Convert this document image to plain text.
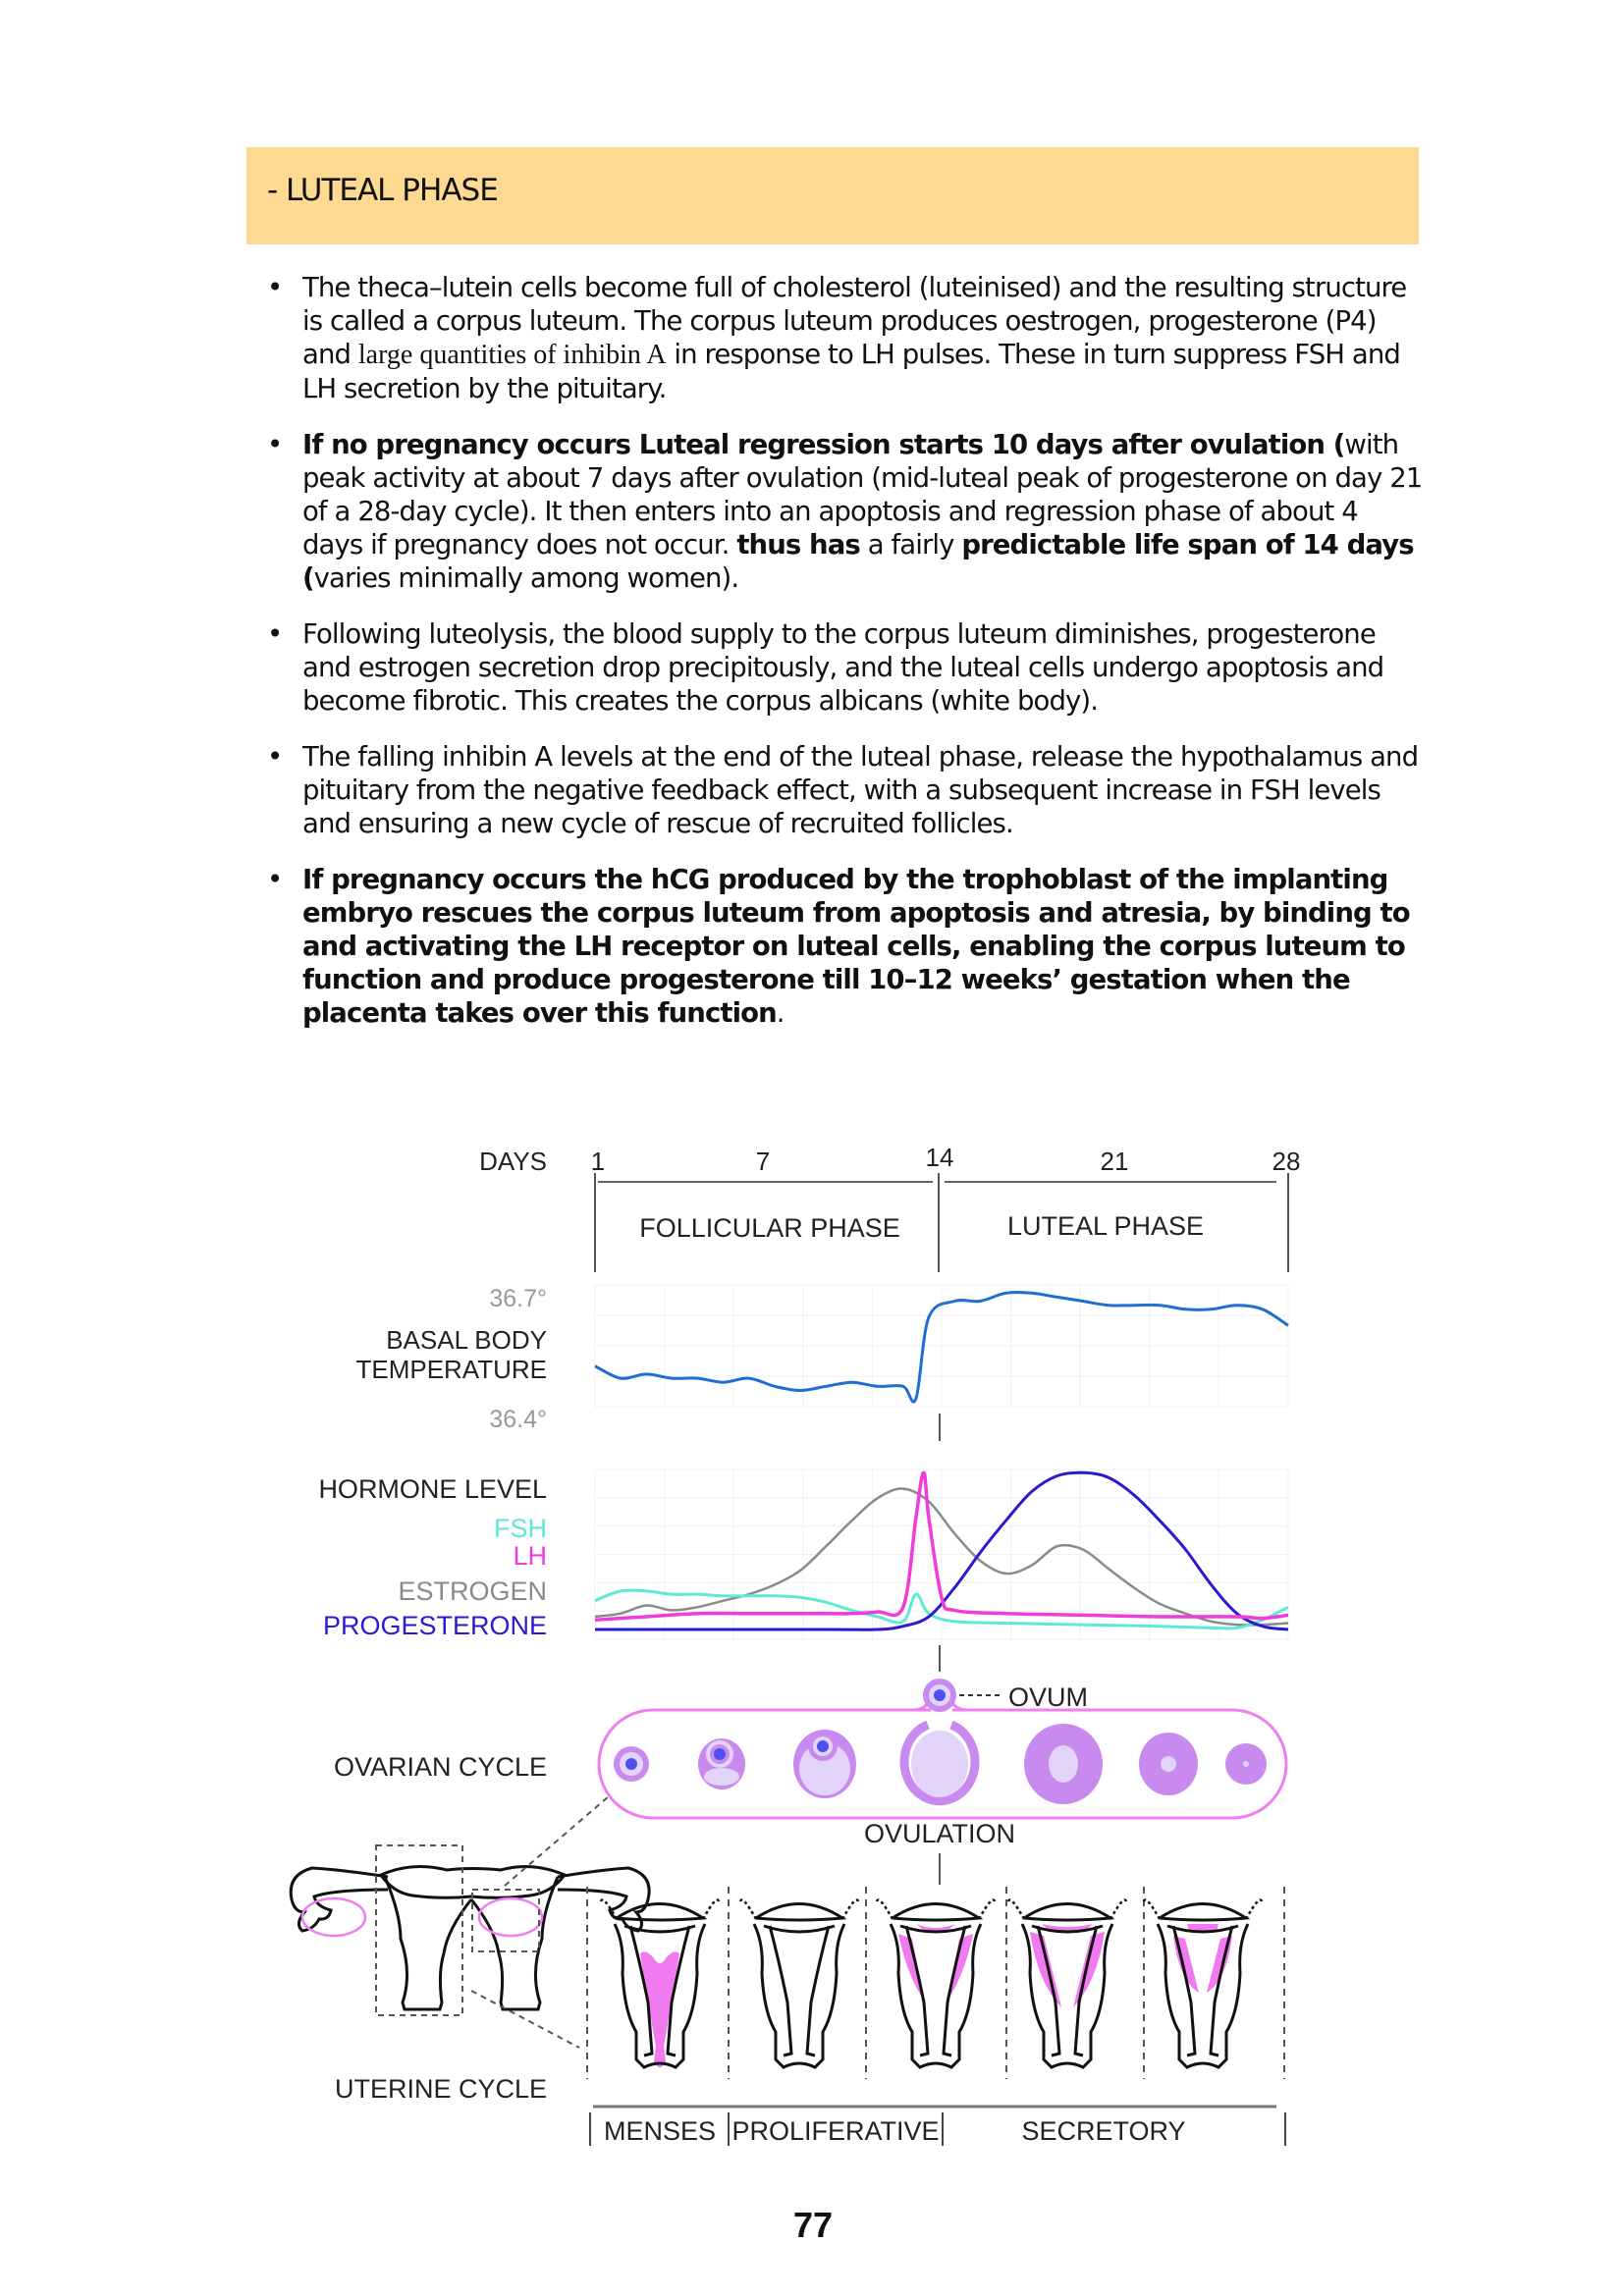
- LUTEAL PHASE
• The theca–lutein cells become full of cholesterol (luteinised) and the resulting structure is called a corpus luteum. The corpus luteum produces oestrogen, progesterone (P4) and large quantities of inhibin A in response to LH pulses. These in turn suppress FSH and LH secretion by the pituitary.
• If no pregnancy occurs Luteal regression starts 10 days after ovulation (with peak activity at about 7 days after ovulation (mid-luteal peak of progesterone on day 21 of a 28-day cycle). It then enters into an apoptosis and regression phase of about 4 days if pregnancy does not occur. thus has a fairly predictable life span of 14 days (varies minimally among women).
• Following luteolysis, the blood supply to the corpus luteum diminishes, progesterone and estrogen secretion drop precipitously, and the luteal cells undergo apoptosis and become fibrotic. This creates the corpus albicans (white body).
• The falling inhibin A levels at the end of the luteal phase, release the hypothalamus and pituitary from the negative feedback effect, with a subsequent increase in FSH levels and ensuring a new cycle of rescue of recruited follicles.
• If pregnancy occurs the hCG produced by the trophoblast of the implanting embryo rescues the corpus luteum from apoptosis and atresia, by binding to and activating the LH receptor on luteal cells, enabling the corpus luteum to function and produce progesterone till 10–12 weeks’ gestation when the placenta takes over this function.
DAYS 1	7	14	21	28
FOLLICULAR PHASE	LUTEAL PHASE
36.7°
BASAL BODY
TEMPERATURE
36.4°
HORMONE LEVEL
FSH
LH
ESTROGEN
PROGESTERONE
OVARIAN CYCLE
OVUM
OVULATION
UTERINE CYCLE
MENSES PROLIFERATIVE	SECRETORY
77
